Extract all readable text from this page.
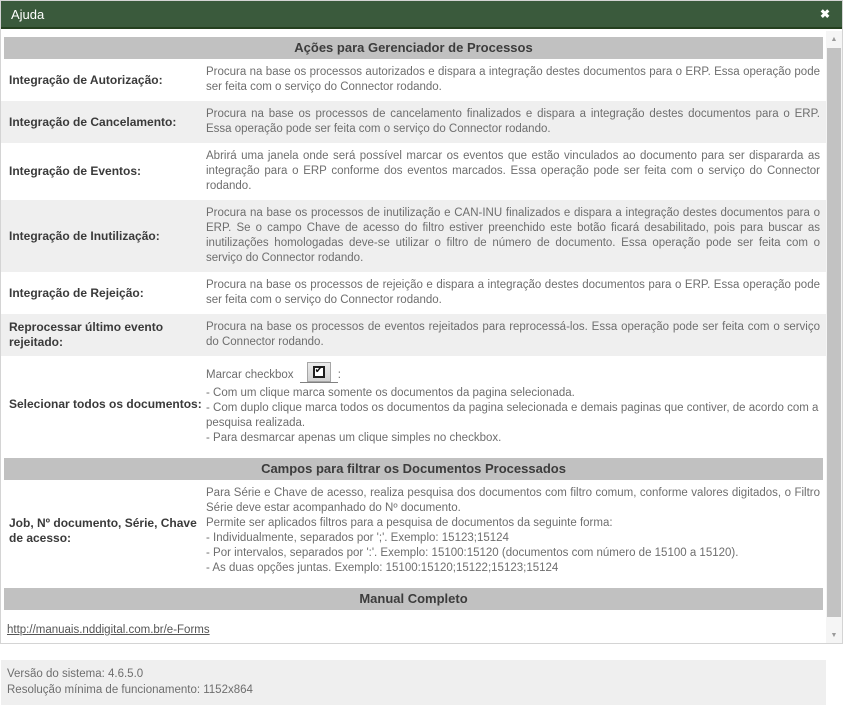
Ajuda	✖
Ações para Gerenciador de Processos
Integração de Autorização:
Procura na base os processos autorizados e dispara a integração destes documentos para o ERP. Essa operação pode ser feita com o serviço do Connector rodando.
Integração de Cancelamento:
Procura na base os processos de cancelamento finalizados e dispara a integração destes documentos para o ERP. Essa operação pode ser feita com o serviço do Connector rodando.
Integração de Eventos:
Abrirá uma janela onde será possível marcar os eventos que estão vinculados ao documento para ser dispararda as integração para o ERP conforme dos eventos marcados. Essa operação pode ser feita com o serviço do Connector rodando.
Integração de Inutilização:
Procura na base os processos de inutilização e CAN-INU finalizados e dispara a integração destes documentos para o ERP. Se o campo Chave de acesso do filtro estiver preenchido este botão ficará desabilitado, pois para buscar as inutilizações homologadas deve-se utilizar o filtro de número de documento. Essa operação pode ser feita com o serviço do Connector rodando.
Integração de Rejeição:
Procura na base os processos de rejeição e dispara a integração destes documentos para o ERP. Essa operação pode ser feita com o serviço do Connector rodando.
Reprocessar último evento rejeitado:
Procura na base os processos de eventos rejeitados para reprocessá-los. Essa operação pode ser feita com o serviço do Connector rodando.
Selecionar todos os documentos:
Marcar checkbox ✔ :
- Com um clique marca somente os documentos da pagina selecionada.
- Com duplo clique marca todos os documentos da pagina selecionada e demais paginas que contiver, de acordo com a pesquisa realizada.
- Para desmarcar apenas um clique simples no checkbox.
Campos para filtrar os Documentos Processados
Job, Nº documento, Série, Chave de acesso:
Para Série e Chave de acesso, realiza pesquisa dos documentos com filtro comum, conforme valores digitados, o Filtro Série deve estar acompanhado do Nº documento.
Permite ser aplicados filtros para a pesquisa de documentos da seguinte forma:
- Individualmente, separados por ';'. Exemplo: 15123;15124
- Por intervalos, separados por ':'. Exemplo: 15100:15120 (documentos com número de 15100 a 15120).
- As duas opções juntas. Exemplo: 15100:15120;15122;15123;15124
Manual Completo
http://manuais.nddigital.com.br/e-Forms
Versão do sistema: 4.6.5.0
Resolução mínima de funcionamento: 1152x864
▲
▼
